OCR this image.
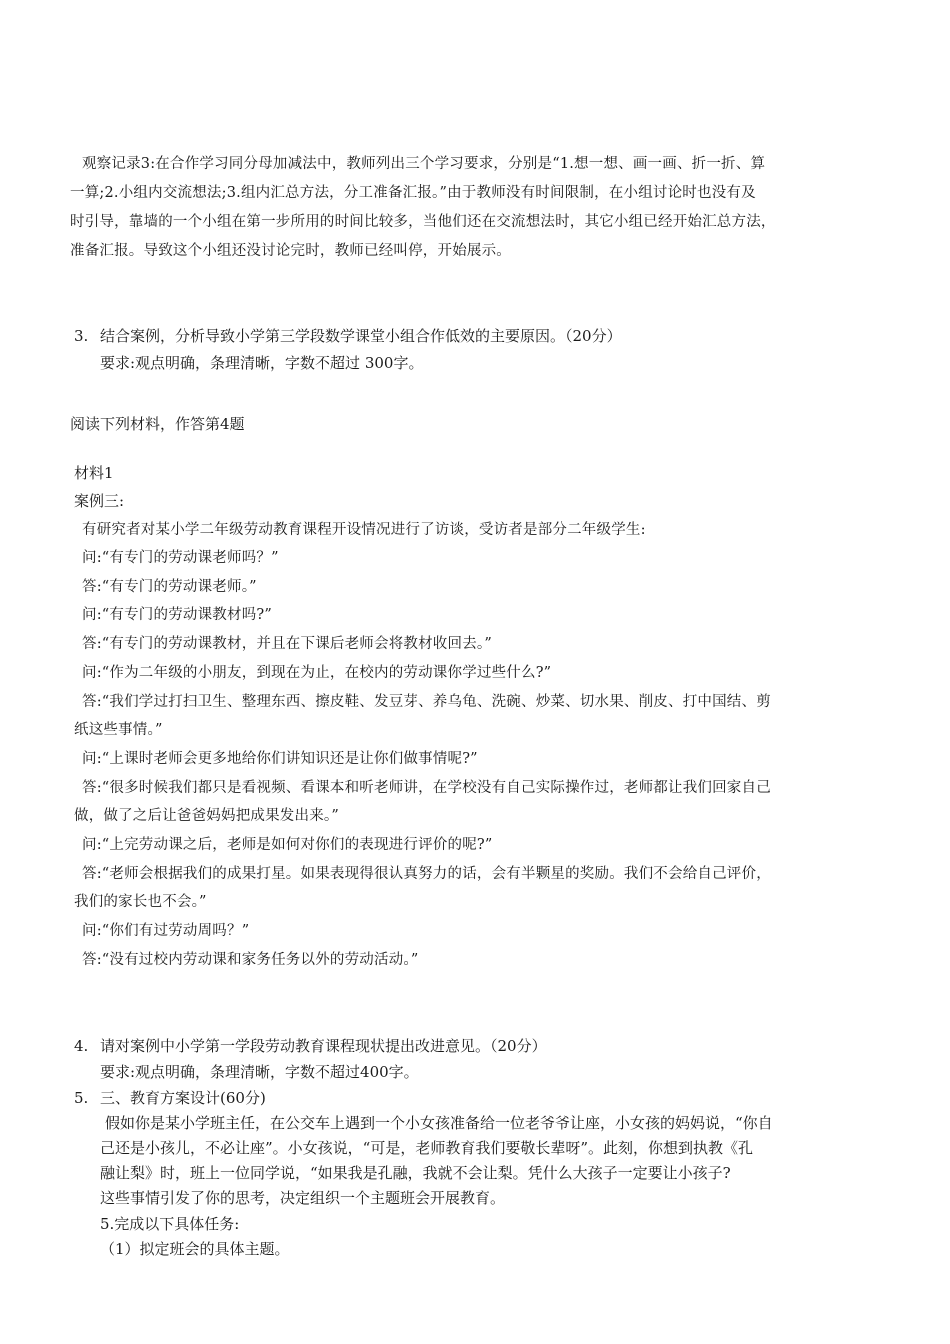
观察记录3:在合作学习同分母加减法中，教师列出三个学习要求，分别是“1.想一想、画一画、折一折、算
一算;2.小组内交流想法;3.组内汇总方法，分工准备汇报。”由于教师没有时间限制，在小组讨论时也没有及
时引导，靠墙的一个小组在第一步所用的时间比较多，当他们还在交流想法时，其它小组已经开始汇总方法，
准备汇报。导致这个小组还没讨论完时，教师已经叫停，开始展示。
3. 结合案例，分析导致小学第三学段数学课堂小组合作低效的主要原因。（20分）
要求:观点明确，条理清晰，字数不超过 300字。
阅读下列材料，作答第4题
材料1
案例三:
有研究者对某小学二年级劳动教育课程开设情况进行了访谈，受访者是部分二年级学生:
问:“有专门的劳动课老师吗？”
答:“有专门的劳动课老师。”
问:“有专门的劳动课教材吗?”
答:“有专门的劳动课教材，并且在下课后老师会将教材收回去。”
问:“作为二年级的小朋友，到现在为止，在校内的劳动课你学过些什么?”
答:“我们学过打扫卫生、整理东西、擦皮鞋、发豆芽、养乌龟、洗碗、炒菜、切水果、削皮、打中国结、剪
纸这些事情。”
问:“上课时老师会更多地给你们讲知识还是让你们做事情呢?”
答:“很多时候我们都只是看视频、看课本和听老师讲，在学校没有自己实际操作过，老师都让我们回家自己
做，做了之后让爸爸妈妈把成果发出来。”
问:“上完劳动课之后，老师是如何对你们的表现进行评价的呢?”
答:“老师会根据我们的成果打星。如果表现得很认真努力的话，会有半颗星的奖励。我们不会给自己评价，
我们的家长也不会。”
问:“你们有过劳动周吗？”
答:“没有过校内劳动课和家务任务以外的劳动活动。”
4. 请对案例中小学第一学段劳动教育课程现状提出改进意见。（20分）
要求:观点明确，条理清晰，字数不超过400字。
5. 三、教育方案设计(60分)
假如你是某小学班主任，在公交车上遇到一个小女孩准备给一位老爷爷让座，小女孩的妈妈说，“你自
己还是小孩儿，不必让座”。小女孩说，“可是，老师教育我们要敬长辈呀”。此刻，你想到执教《孔
融让梨》时，班上一位同学说，“如果我是孔融，我就不会让梨。凭什么大孩子一定要让小孩子?
这些事情引发了你的思考，决定组织一个主题班会开展教育。
5.完成以下具体任务:
（1）拟定班会的具体主题。
